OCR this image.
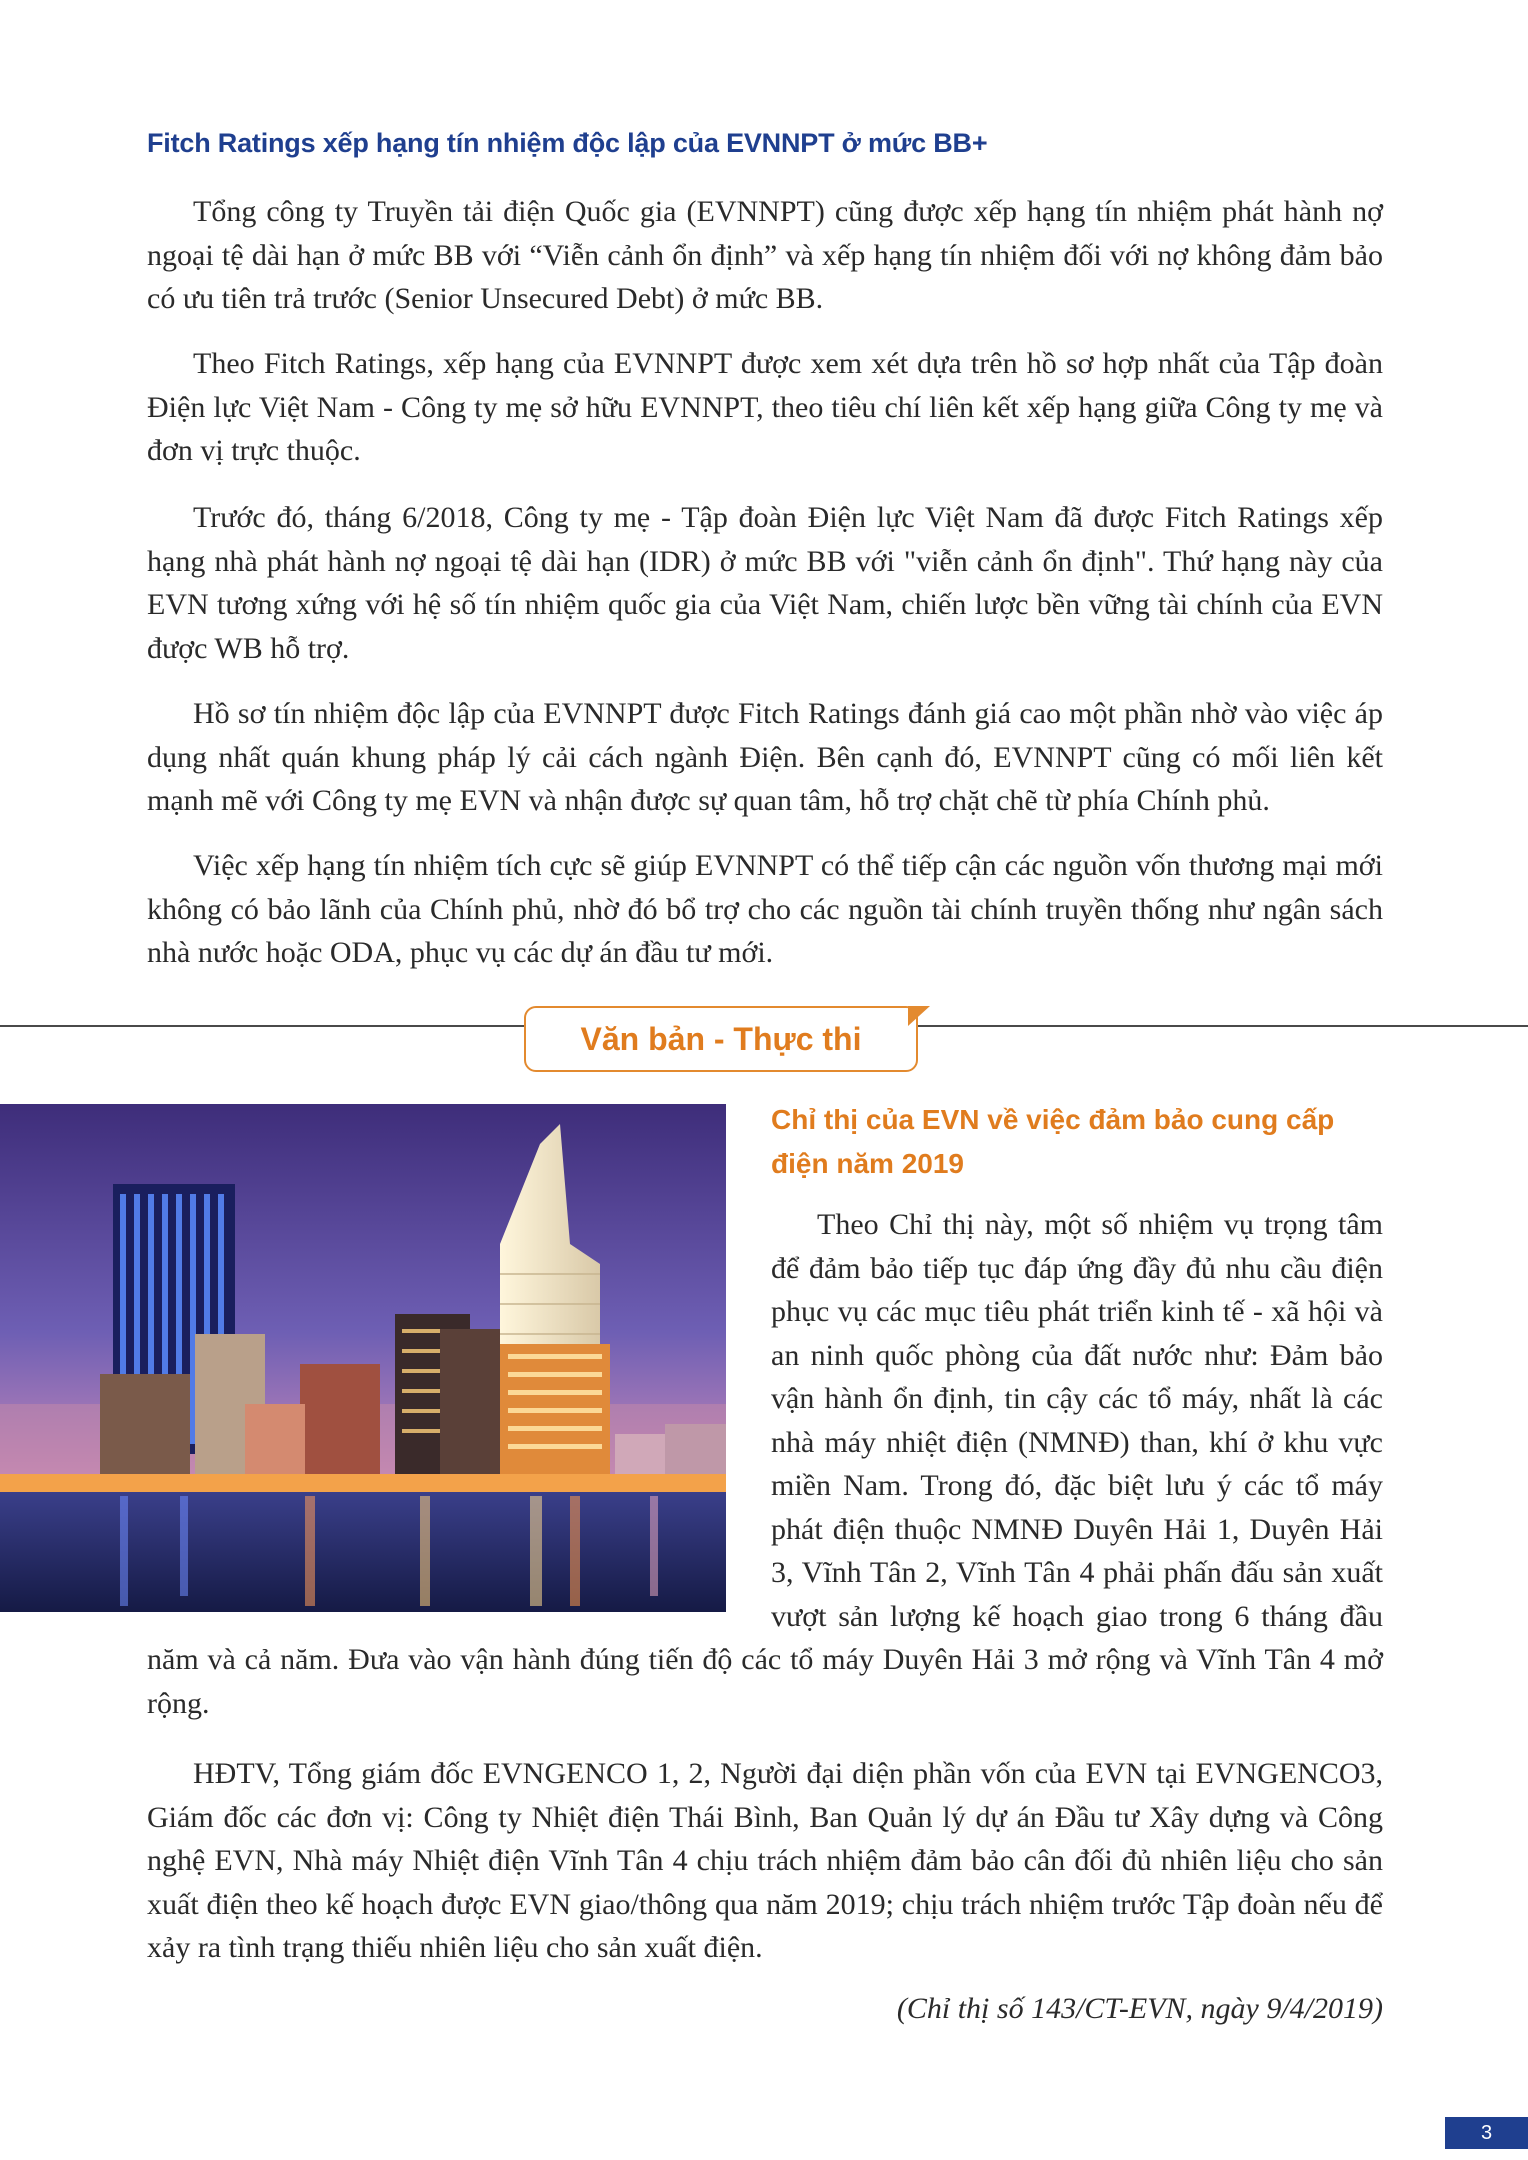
Fitch Ratings xếp hạng tín nhiệm độc lập của EVNNPT ở mức BB+

Tổng công ty Truyền tải điện Quốc gia (EVNNPT) cũng được xếp hạng tín nhiệm phát hành nợ ngoại tệ dài hạn ở mức BB với “Viễn cảnh ổn định” và xếp hạng tín nhiệm đối với nợ không đảm bảo có ưu tiên trả trước (Senior Unsecured Debt) ở mức BB.

Theo Fitch Ratings, xếp hạng của EVNNPT được xem xét dựa trên hồ sơ hợp nhất của Tập đoàn Điện lực Việt Nam - Công ty mẹ sở hữu EVNNPT, theo tiêu chí liên kết xếp hạng giữa Công ty mẹ và đơn vị trực thuộc.

Trước đó, tháng 6/2018, Công ty mẹ - Tập đoàn Điện lực Việt Nam đã được Fitch Ratings xếp hạng nhà phát hành nợ ngoại tệ dài hạn (IDR) ở mức BB với "viễn cảnh ổn định". Thứ hạng này của EVN tương xứng với hệ số tín nhiệm quốc gia của Việt Nam, chiến lược bền vững tài chính của EVN được WB hỗ trợ.

Hồ sơ tín nhiệm độc lập của EVNNPT được Fitch Ratings đánh giá cao một phần nhờ vào việc áp dụng nhất quán khung pháp lý cải cách ngành Điện. Bên cạnh đó, EVNNPT cũng có mối liên kết mạnh mẽ với Công ty mẹ EVN và nhận được sự quan tâm, hỗ trợ chặt chẽ từ phía Chính phủ.

Việc xếp hạng tín nhiệm tích cực sẽ giúp EVNNPT có thể tiếp cận các nguồn vốn thương mại mới không có bảo lãnh của Chính phủ, nhờ đó bổ trợ cho các nguồn tài chính truyền thống như ngân sách nhà nước hoặc ODA, phục vụ các dự án đầu tư mới.

Văn bản - Thực thi
Chỉ thị của EVN về việc đảm bảo cung cấp điện năm 2019

Theo Chỉ thị này, một số nhiệm vụ trọng tâm để đảm bảo tiếp tục đáp ứng đầy đủ nhu cầu điện phục vụ các mục tiêu phát triển kinh tế - xã hội và an ninh quốc phòng của đất nước như: Đảm bảo vận hành ổn định, tin cậy các tổ máy, nhất là các nhà máy nhiệt điện (NMNĐ) than, khí ở khu vực miền Nam. Trong đó, đặc biệt lưu ý các tổ máy phát điện thuộc NMNĐ Duyên Hải 1, Duyên Hải 3, Vĩnh Tân 2, Vĩnh Tân 4 phải phấn đấu sản xuất vượt sản lượng kế hoạch giao trong 6 tháng đầu năm và cả năm. Đưa vào vận hành đúng tiến độ các tổ máy Duyên Hải 3 mở rộng và Vĩnh Tân 4 mở rộng.

HĐTV, Tổng giám đốc EVNGENCO 1, 2, Người đại diện phần vốn của EVN tại EVNGENCO3, Giám đốc các đơn vị: Công ty Nhiệt điện Thái Bình, Ban Quản lý dự án Đầu tư Xây dựng và Công nghệ EVN, Nhà máy Nhiệt điện Vĩnh Tân 4 chịu trách nhiệm đảm bảo cân đối đủ nhiên liệu cho sản xuất điện theo kế hoạch được EVN giao/thông qua năm 2019; chịu trách nhiệm trước Tập đoàn nếu để xảy ra tình trạng thiếu nhiên liệu cho sản xuất điện.

(Chỉ thị số 143/CT-EVN, ngày 9/4/2019)
3
